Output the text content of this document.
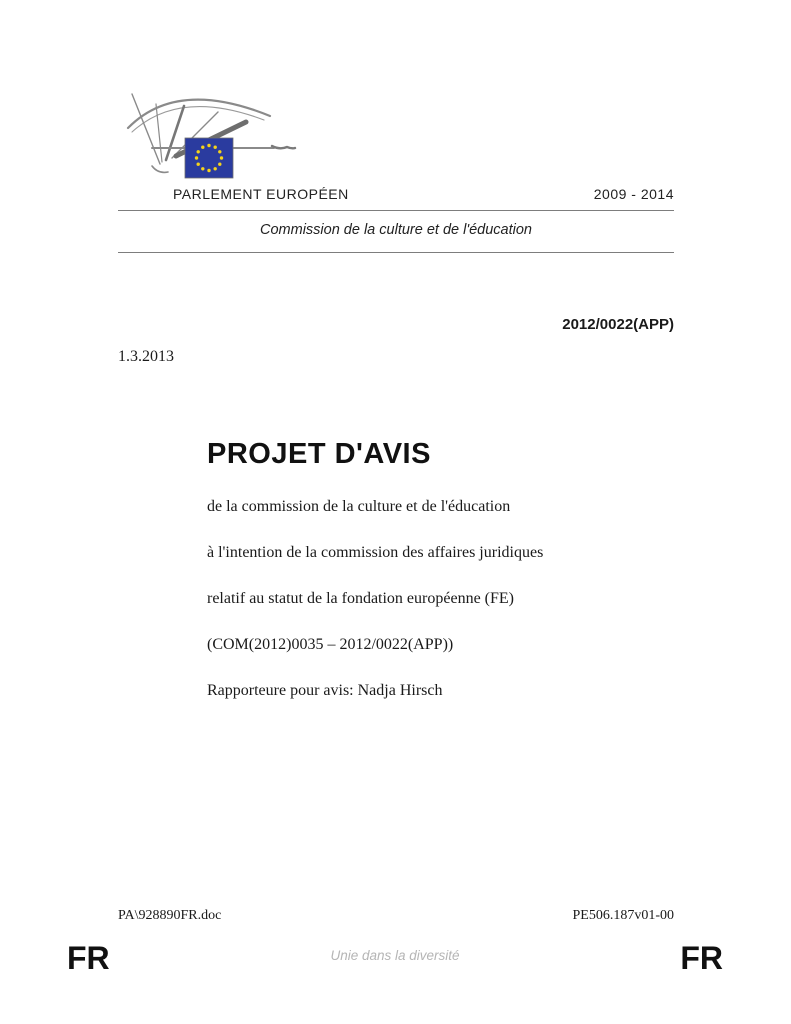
PARLEMENT EUROPÉEN	2009 - 2014
Commission de la culture et de l'éducation
2012/0022(APP)
1.3.2013
PROJET D'AVIS
de la commission de la culture et de l'éducation
à l'intention de la commission des affaires juridiques
relatif au statut de la fondation européenne (FE)
(COM(2012)0035 – 2012/0022(APP))
Rapporteure pour avis: Nadja Hirsch
PA\928890FR.doc	PE506.187v01-00
FR	Unie dans la diversité	FR
